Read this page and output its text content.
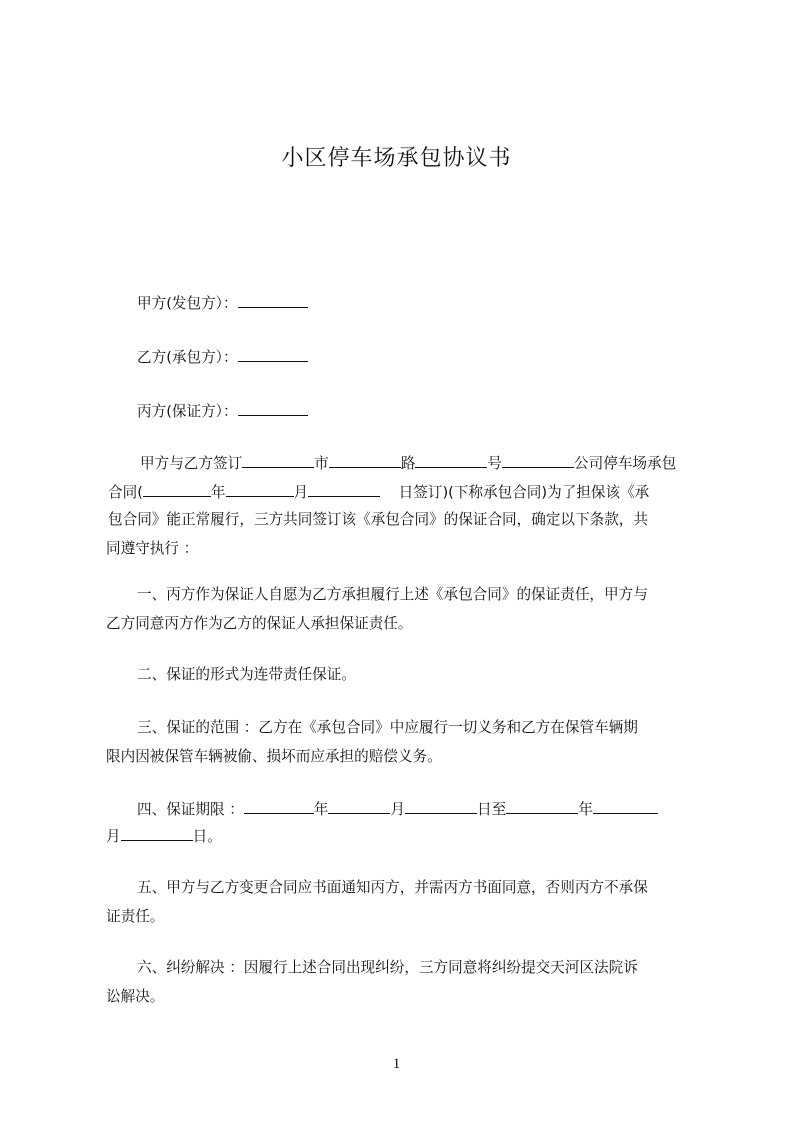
小区停车场承包协议书
甲方(发包方）：
乙方(承包方）：
丙方(保证方）：
甲方与乙方签订	市	路	号	公司停车场承包
合同(	年	月	日签订)(下称承包合同)为了担保该《承
包合同》能正常履行，三方共同签订该《承包合同》的保证合同，确定以下条款，共
同遵守执行 ：
一、丙方作为保证人自愿为乙方承担履行上述《承包合同》的保证责任，甲方与
乙方同意丙方作为乙方的保证人承担保证责任。
二、保证的形式为连带责任保证。
三、保证的范围 ：乙方在《承包合同》中应履行一切义务和乙方在保管车辆期
限内因被保管车辆被偷、损坏而应承担的赔偿义务。
四、保证期限 ：	年	月	日至	年
月	日。
五、甲方与乙方变更合同应书面通知丙方，并需丙方书面同意，否则丙方不承保
证责任。
六、纠纷解决 ：因履行上述合同出现纠纷，三方同意将纠纷提交天河区法院诉
讼解决。
1
